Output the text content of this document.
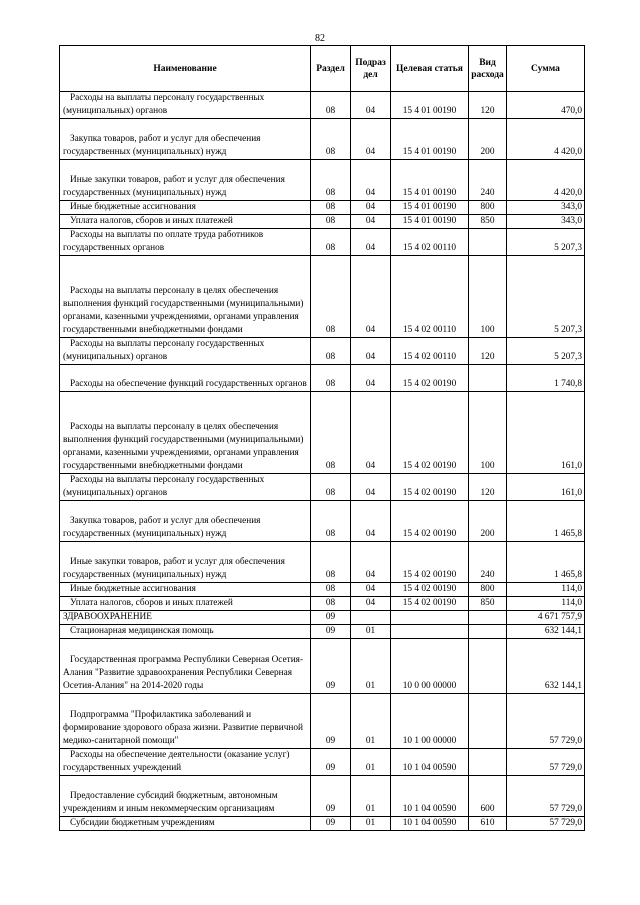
82
Наименование	Раздел	Подраз дел	Целевая статья	Вид расхода	Сумма

Расходы на выплаты персоналу государственных (муниципальных) органов	08	04	15 4 01 00190	120	470,0

Закупка товаров, работ и услуг для обеспечения государственных (муниципальных) нужд	08	04	15 4 01 00190	200	4 420,0

Иные закупки товаров, работ и услуг для обеспечения государственных (муниципальных) нужд	08	04	15 4 01 00190	240	4 420,0

Иные бюджетные ассигнования	08	04	15 4 01 00190	800	343,0

Уплата налогов, сборов и иных платежей	08	04	15 4 01 00190	850	343,0

Расходы на выплаты по оплате труда работников государственных органов	08	04	15 4 02 00110		5 207,3

Расходы на выплаты персоналу в целях обеспечения выполнения функций государственными (муниципальными) органами, казенными учреждениями, органами управления государственными внебюджетными фондами	08	04	15 4 02 00110	100	5 207,3

Расходы на выплаты персоналу государственных (муниципальных) органов	08	04	15 4 02 00110	120	5 207,3

Расходы на обеспечение функций государственных органов	08	04	15 4 02 00190		1 740,8

Расходы на выплаты персоналу в целях обеспечения выполнения функций государственными (муниципальными) органами, казенными учреждениями, органами управления государственными внебюджетными фондами	08	04	15 4 02 00190	100	161,0

Расходы на выплаты персоналу государственных (муниципальных) органов	08	04	15 4 02 00190	120	161,0

Закупка товаров, работ и услуг для обеспечения государственных (муниципальных) нужд	08	04	15 4 02 00190	200	1 465,8

Иные закупки товаров, работ и услуг для обеспечения государственных (муниципальных) нужд	08	04	15 4 02 00190	240	1 465,8

Иные бюджетные ассигнования	08	04	15 4 02 00190	800	114,0

Уплата налогов, сборов и иных платежей	08	04	15 4 02 00190	850	114,0

ЗДРАВООХРАНЕНИЕ	09				4 671 757,9

Стационарная медицинская помощь	09	01			632 144,1

Государственная программа Республики Северная Осетия-Алания "Развитие здравоохранения Республики Северная Осетия-Алания" на 2014-2020 годы	09	01	10 0 00 00000		632 144,1

Подпрограмма "Профилактика заболеваний и формирование здорового образа жизни. Развитие первичной медико-санитарной помощи"	09	01	10 1 00 00000		57 729,0

Расходы на обеспечение деятельности (оказание услуг) государственных учреждений	09	01	10 1 04 00590		57 729,0

Предоставление субсидий бюджетным, автономным учреждениям и иным некоммерческим организациям	09	01	10 1 04 00590	600	57 729,0

Субсидии бюджетным учреждениям	09	01	10 1 04 00590	610	57 729,0
